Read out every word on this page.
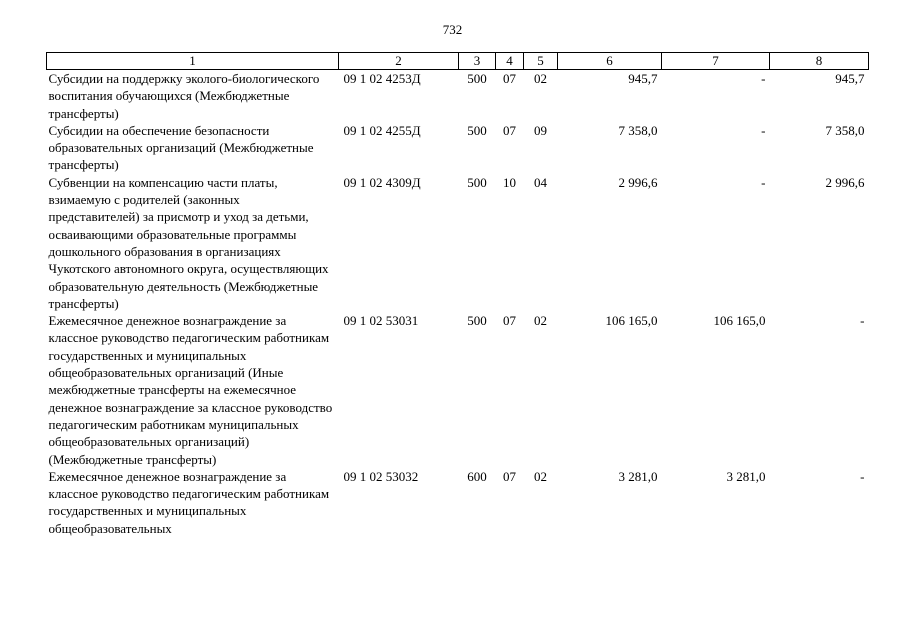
732
1	2	3	4	5	6	7	8
Субсидии на поддержку эколого-биологического воспитания обучающихся (Межбюджетные трансферты)	09 1 02 4253Д	500	07	02	945,7	-	945,7
Субсидии на обеспечение безопасности образовательных организаций (Межбюджетные трансферты)	09 1 02 4255Д	500	07	09	7 358,0	-	7 358,0
Субвенции на компенсацию части платы, взимаемую с родителей (законных представителей) за присмотр и уход за детьми, осваивающими образовательные программы дошкольного образования в организациях Чукотского автономного округа, осуществляющих образовательную деятельность (Межбюджетные трансферты)	09 1 02 4309Д	500	10	04	2 996,6	-	2 996,6
Ежемесячное денежное вознаграждение за классное руководство педагогическим работникам государственных и муниципальных общеобразовательных организаций (Иные межбюджетные трансферты на ежемесячное денежное вознаграждение за классное руководство педагогическим работникам муниципальных общеобразовательных организаций) (Межбюджетные трансферты)	09 1 02 53031	500	07	02	106 165,0	106 165,0	-
Ежемесячное денежное вознаграждение за классное руководство педагогическим работникам государственных и муниципальных общеобразовательных	09 1 02 53032	600	07	02	3 281,0	3 281,0	-
